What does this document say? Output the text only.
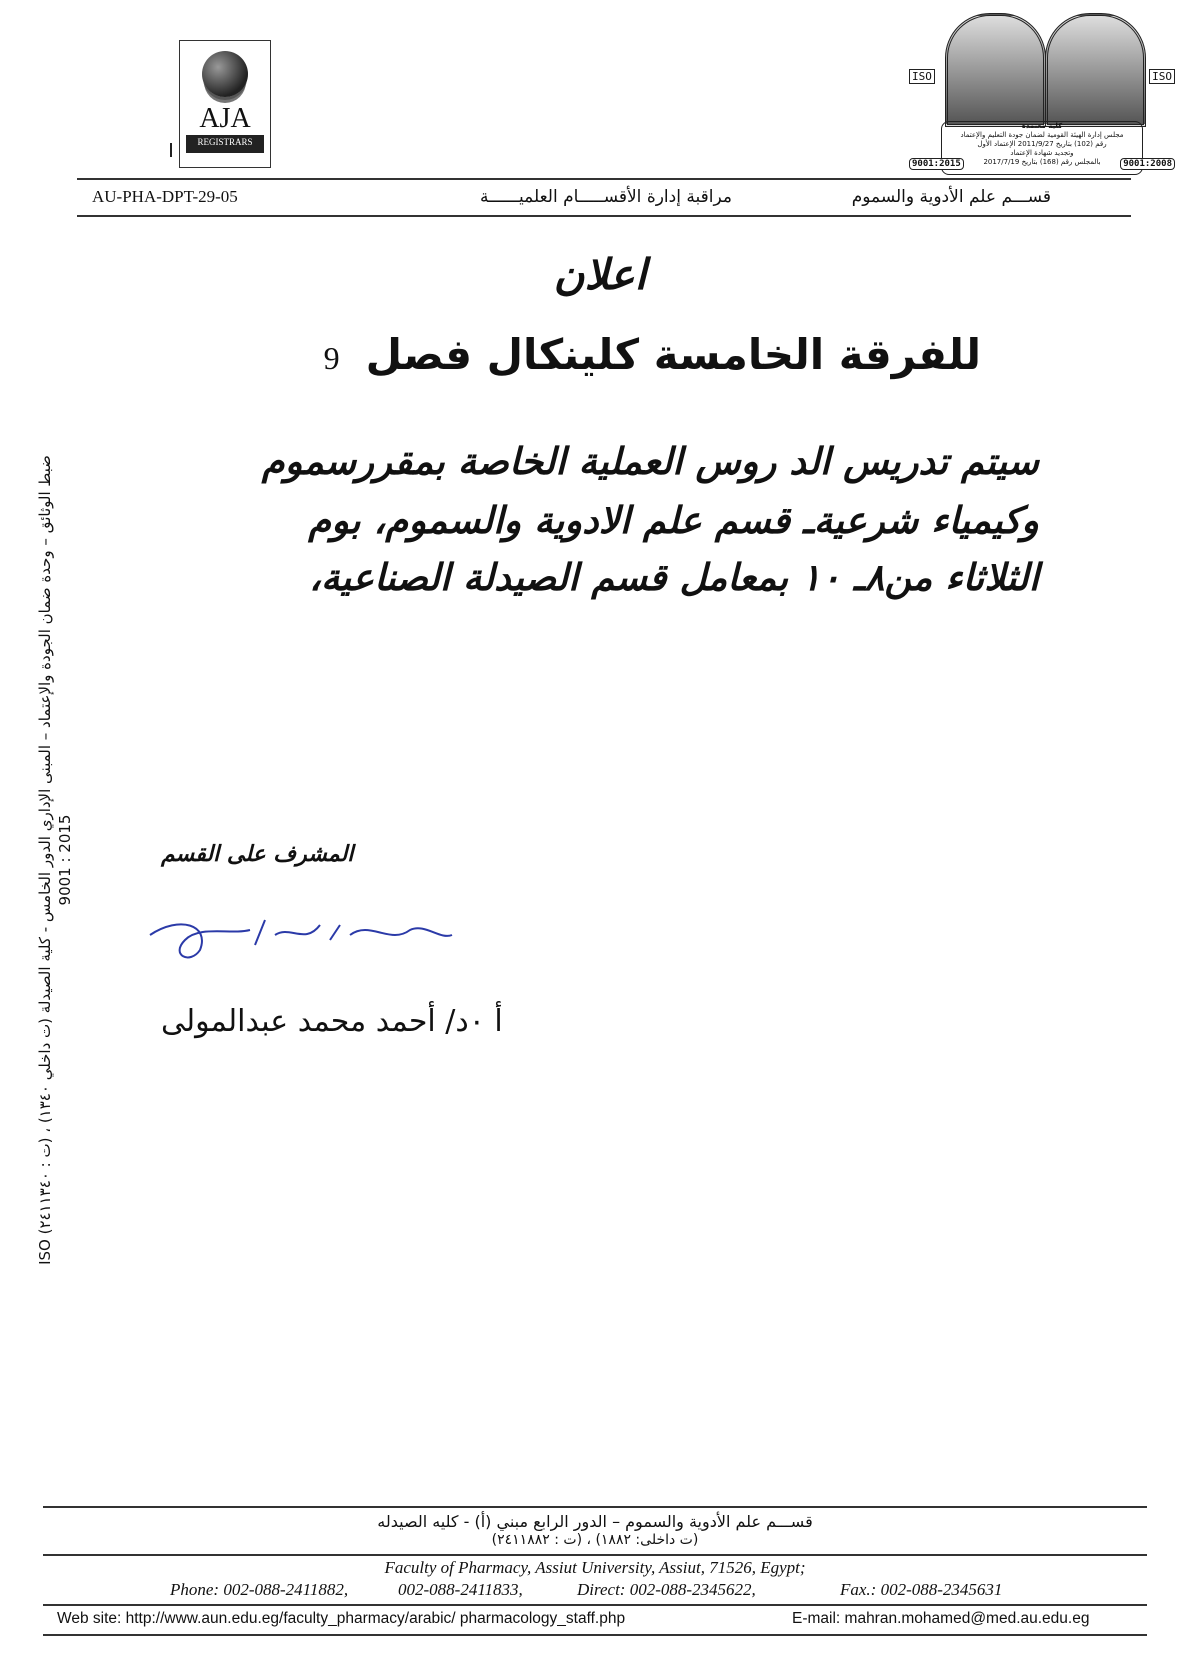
AJA
REGISTRARS
ISO	ISO
كلية معتمدة
مجلس إدارة الهيئة القومية لضمان جودة التعليم والإعتماد
رقم (102) بتاريخ 2011/9/27 الإعتماد الأول
وتجديد شهادة الإعتماد
بالمجلس رقم (168) بتاريخ 2017/7/19
9001:2015	9001:2008
AU-PHA-DPT-29-05	مراقبة إدارة الأقســـــام العلميــــــة	قســـم علم الأدوية والسموم
اعلان
للفرقة الخامسة كلينكال فصل9
سيتم تدريس الد روس العملية الخاصة بمقررسموم
وكيمياء شرعيةـ قسم علم الادوية والسموم، بوم
الثلاثاء من٨ـ ١٠ بمعامل قسم الصيدلة الصناعية،
المشرف على القسم
أ ٠د/ أحمد محمد عبدالمولى
ضبط الوثائق – وحدة ضمان الجودة والإعتماد – المبنى الإداري الدور الخامس - كلية الصيدلة (ت داخلي ١٣٤٠) ، (ت : ٢٤١١٣٤٠) ISO 9001 : 2015
قســـم علم الأدوية والسموم – الدور الرابع مبني (أ) - كليه الصيدله
(ت داخلى: ١٨٨٢) ، (ت : ٢٤١١٨٨٢)
Faculty of Pharmacy, Assiut University, Assiut, 71526, Egypt;
Phone: 002-088-2411882,	002-088-2411833,	Direct: 002-088-2345622,	Fax.: 002-088-2345631
Web site: http://www.aun.edu.eg/faculty_pharmacy/arabic/ pharmacology_staff.php	E-mail: mahran.mohamed@med.au.edu.eg
